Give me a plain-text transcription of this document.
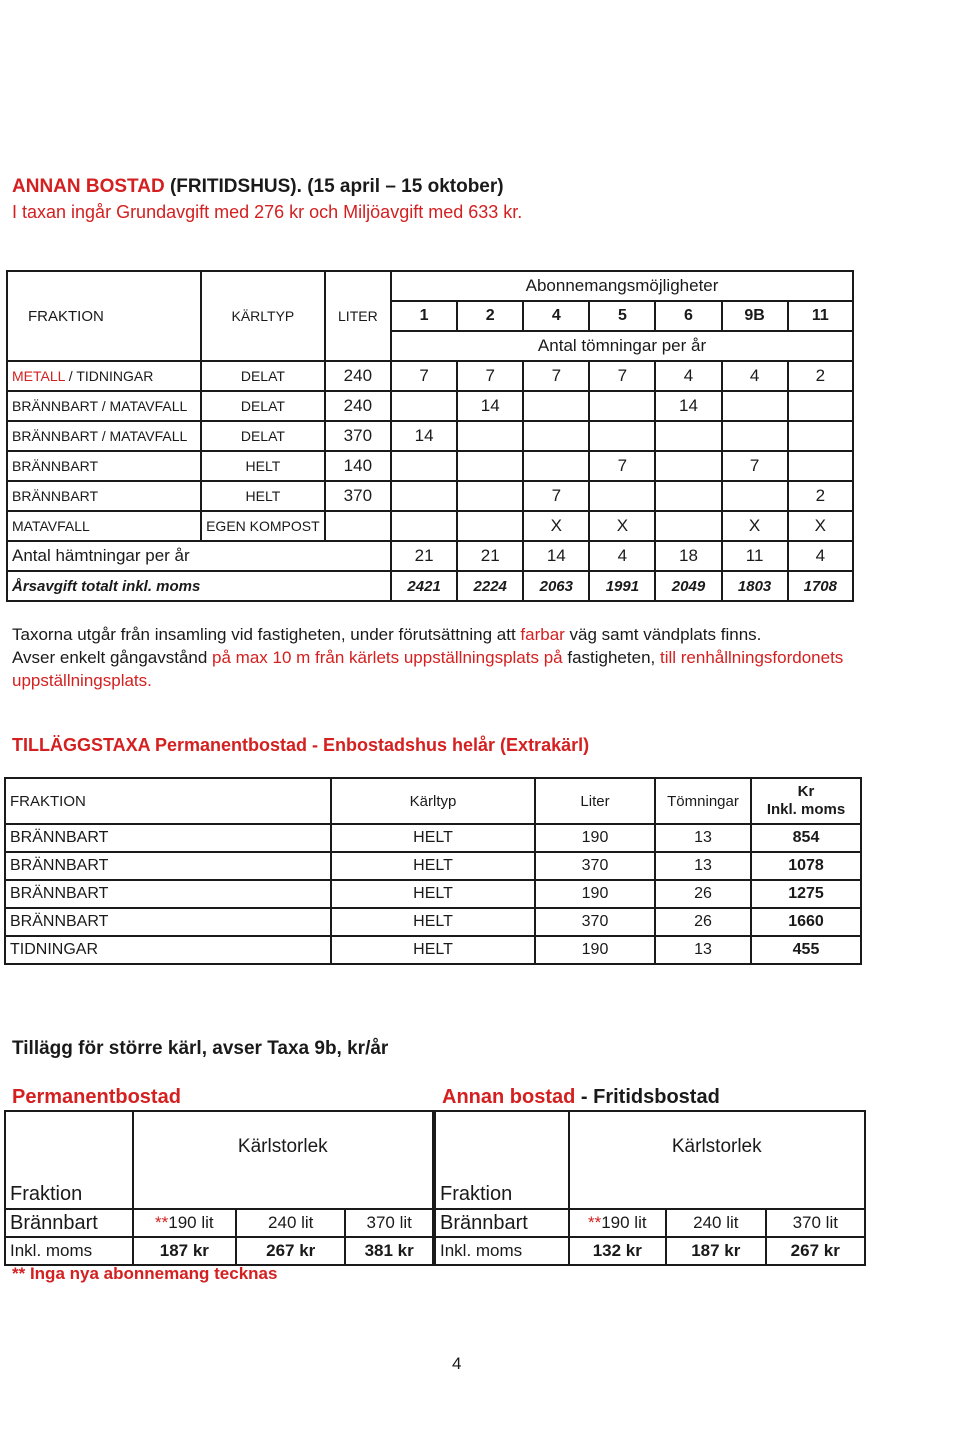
ANNAN BOSTAD (FRITIDSHUS). (15 april – 15 oktober)
I taxan ingår Grundavgift med 276 kr och Miljöavgift med 633 kr.
FRAKTION	KÄRLTYP	LITER	Abonnemangsmöjligheter						
			1	2	4	5	6	9B	11
			Antal tömningar per år						
METALL / TIDNINGAR	DELAT	240	7	7	7	7	4	4	2
BRÄNNBART / MATAVFALL	DELAT	240		14			14		
BRÄNNBART / MATAVFALL	DELAT	370	14						
BRÄNNBART	HELT	140				7		7	
BRÄNNBART	HELT	370			7				2
MATAVFALL	EGEN KOMPOST				X	X		X	X
Antal hämtningar per år			21	21	14	4	18	11	4
Årsavgift totalt inkl. moms			2421	2224	2063	1991	2049	1803	1708
Taxorna utgår från insamling vid fastigheten, under förutsättning att farbar väg samt vändplats finns.
Avser enkelt gångavstånd på max 10 m från kärlets uppställningsplats på fastigheten, till renhållningsfordonets uppställningsplats.
TILLÄGGSTAXA Permanentbostad - Enbostadshus helår (Extrakärl)
FRAKTION	Kärltyp	Liter	Tömningar	Kr
Inkl. moms
BRÄNNBART	HELT	190	13	854
BRÄNNBART	HELT	370	13	1078
BRÄNNBART	HELT	190	26	1275
BRÄNNBART	HELT	370	26	1660
TIDNINGAR	HELT	190	13	455
Tillägg för större kärl, avser Taxa 9b, kr/år
Permanentbostad	Annan bostad - Fritidsbostad
Fraktion	Kärlstorlek		
Brännbart	**190 lit	240 lit	370 lit
Inkl. moms	187 kr	267 kr	381 kr
Fraktion	Kärlstorlek		
Brännbart	**190 lit	240 lit	370 lit
Inkl. moms	132 kr	187 kr	267 kr
** Inga nya abonnemang tecknas
4
